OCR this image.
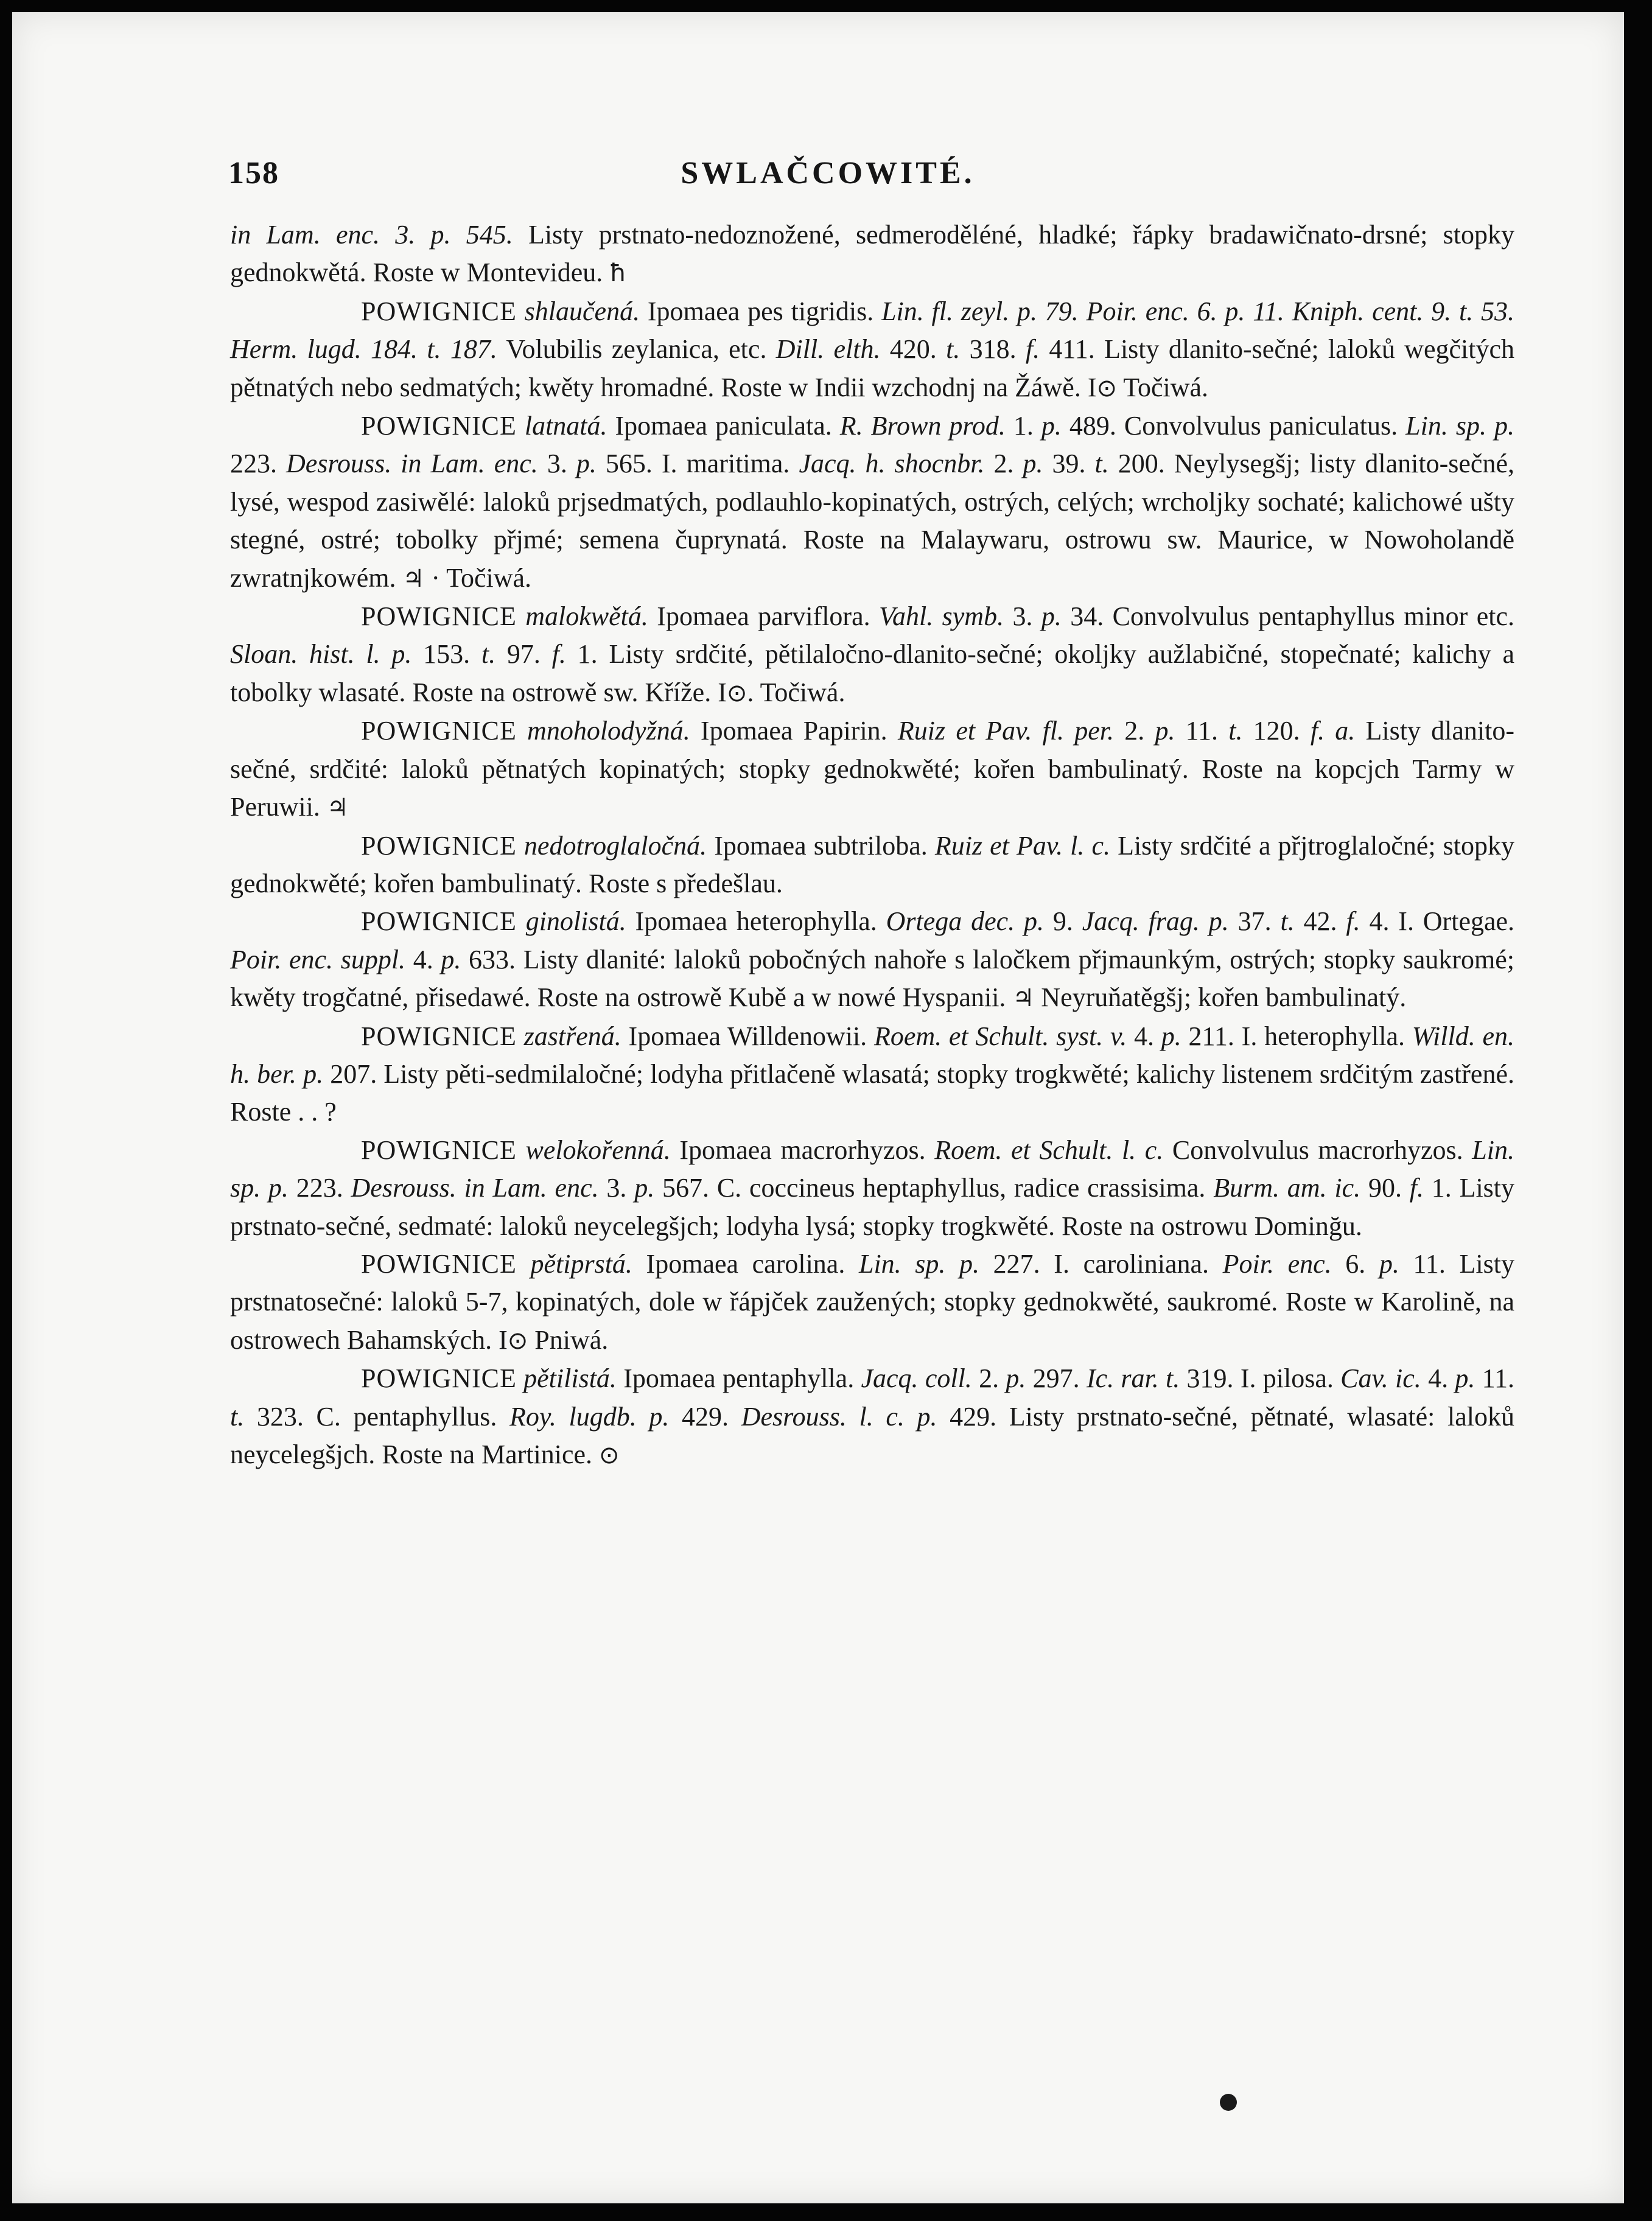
158	SWLAČCOWITÉ.

in Lam. enc. 3. p. 545. Listy prstnato-nedoznožené, sedmeroděléné, hladké; řápky bradawičnato-drsné; stopky gednokwětá. Roste w Montevideu. ħ

POWIGNICE shlaučená. Ipomaea pes tigridis. Lin. fl. zeyl. p. 79. Poir. enc. 6. p. 11. Kniph. cent. 9. t. 53. Herm. lugd. 184. t. 187. Volubilis zeylanica, etc. Dill. elth. 420. t. 318. f. 411. Listy dlanito-sečné; laloků wegčitých pětnatých nebo sedmatých; kwěty hromadné. Roste w Indii wzchodnj na Žáwě. I⊙ Točiwá.

POWIGNICE latnatá. Ipomaea paniculata. R. Brown prod. 1. p. 489. Convolvulus paniculatus. Lin. sp. p. 223. Desrouss. in Lam. enc. 3. p. 565. I. maritima. Jacq. h. shocnbr. 2. p. 39. t. 200. Neylysegšj; listy dlanito-sečné, lysé, wespod zasiwělé: laloků prjsedmatých, podlauhlo-kopinatých, ostrých, celých; wrcholjky sochaté; kalichowé ušty stegné, ostré; tobolky přjmé; semena čuprynatá. Roste na Malaywaru, ostrowu sw. Maurice, w Nowoholandě zwratnjkowém. ♃ · Točiwá.

POWIGNICE malokwětá. Ipomaea parviflora. Vahl. symb. 3. p. 34. Convolvulus pentaphyllus minor etc. Sloan. hist. l. p. 153. t. 97. f. 1. Listy srdčité, pětilaločno-dlanito-sečné; okoljky aužlabičné, stopečnaté; kalichy a tobolky wlasaté. Roste na ostrowě sw. Kříže. I⊙. Točiwá.

POWIGNICE mnoholodyžná. Ipomaea Papirin. Ruiz et Pav. fl. per. 2. p. 11. t. 120. f. a. Listy dlanito-sečné, srdčité: laloků pětnatých kopinatých; stopky gednokwěté; kořen bambulinatý. Roste na kopcjch Tarmy w Peruwii. ♃

POWIGNICE nedotroglaločná. Ipomaea subtriloba. Ruiz et Pav. l. c. Listy srdčité a přjtroglaločné; stopky gednokwěté; kořen bambulinatý. Roste s předešlau.

POWIGNICE ginolistá. Ipomaea heterophylla. Ortega dec. p. 9. Jacq. frag. p. 37. t. 42. f. 4. I. Ortegae. Poir. enc. suppl. 4. p. 633. Listy dlanité: laloků pobočných nahoře s laločkem přjmaunkým, ostrých; stopky saukromé; kwěty trogčatné, přisedawé. Roste na ostrowě Kubě a w nowé Hyspanii. ♃ Neyruňatěgšj; kořen bambulinatý.

POWIGNICE zastřená. Ipomaea Willdenowii. Roem. et Schult. syst. v. 4. p. 211. I. heterophylla. Willd. en. h. ber. p. 207. Listy pěti-sedmilaločné; lodyha přitlačeně wlasatá; stopky trogkwěté; kalichy listenem srdčitým zastřené. Roste . . ?

POWIGNICE welokořenná. Ipomaea macrorhyzos. Roem. et Schult. l. c. Convolvulus macrorhyzos. Lin. sp. p. 223. Desrouss. in Lam. enc. 3. p. 567. C. coccineus heptaphyllus, radice crassisima. Burm. am. ic. 90. f. 1. Listy prstnato-sečné, sedmaté: laloků neycelegšjch; lodyha lysá; stopky trogkwěté. Roste na ostrowu Dominğu.

POWIGNICE pětiprstá. Ipomaea carolina. Lin. sp. p. 227. I. caroliniana. Poir. enc. 6. p. 11. Listy prstnatosečné: laloků 5-7, kopinatých, dole w řápjček zaužených; stopky gednokwěté, saukromé. Roste w Karolině, na ostrowech Bahamských. I⊙ Pniwá.

POWIGNICE pětilistá. Ipomaea pentaphylla. Jacq. coll. 2. p. 297. Ic. rar. t. 319. I. pilosa. Cav. ic. 4. p. 11. t. 323. C. pentaphyllus. Roy. lugdb. p. 429. Desrouss. l. c. p. 429. Listy prstnato-sečné, pětnaté, wlasaté: laloků neycelegšjch. Roste na Martinice. ⊙
